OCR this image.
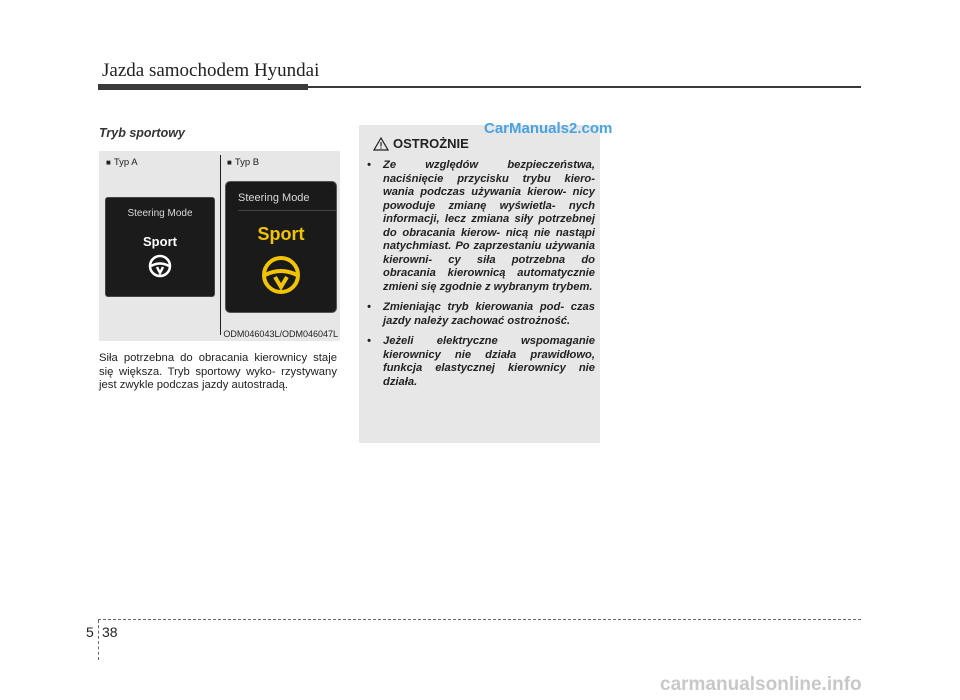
Jazda samochodem Hyundai
Tryb sportowy
■ Typ A	■ Typ B
Steering Mode
Sport
Steering Mode
Sport
ODM046043L/ODM046047L
Siła potrzebna do obracania kierownicy staje się większa. Tryb sportowy wyko- rzystywany jest zwykle podczas jazdy autostradą.
OSTROŻNIE
• Ze względów bezpieczeństwa, naciśnięcie przycisku trybu kiero- wania podczas używania kierow- nicy powoduje zmianę wyświetla- nych informacji, lecz zmiana siły potrzebnej do obracania kierow- nicą nie nastąpi natychmiast. Po zaprzestaniu używania kierowni- cy siła potrzebna do obracania kierownicą automatycznie zmieni się zgodnie z wybranym trybem.
• Zmieniając tryb kierowania pod- czas jazdy należy zachować ostrożność.
• Jeżeli elektryczne wspomaganie kierownicy nie działa prawidłowo, funkcja elastycznej kierownicy nie działa.
CarManuals2.com
5 38
carmanualsonline.info
